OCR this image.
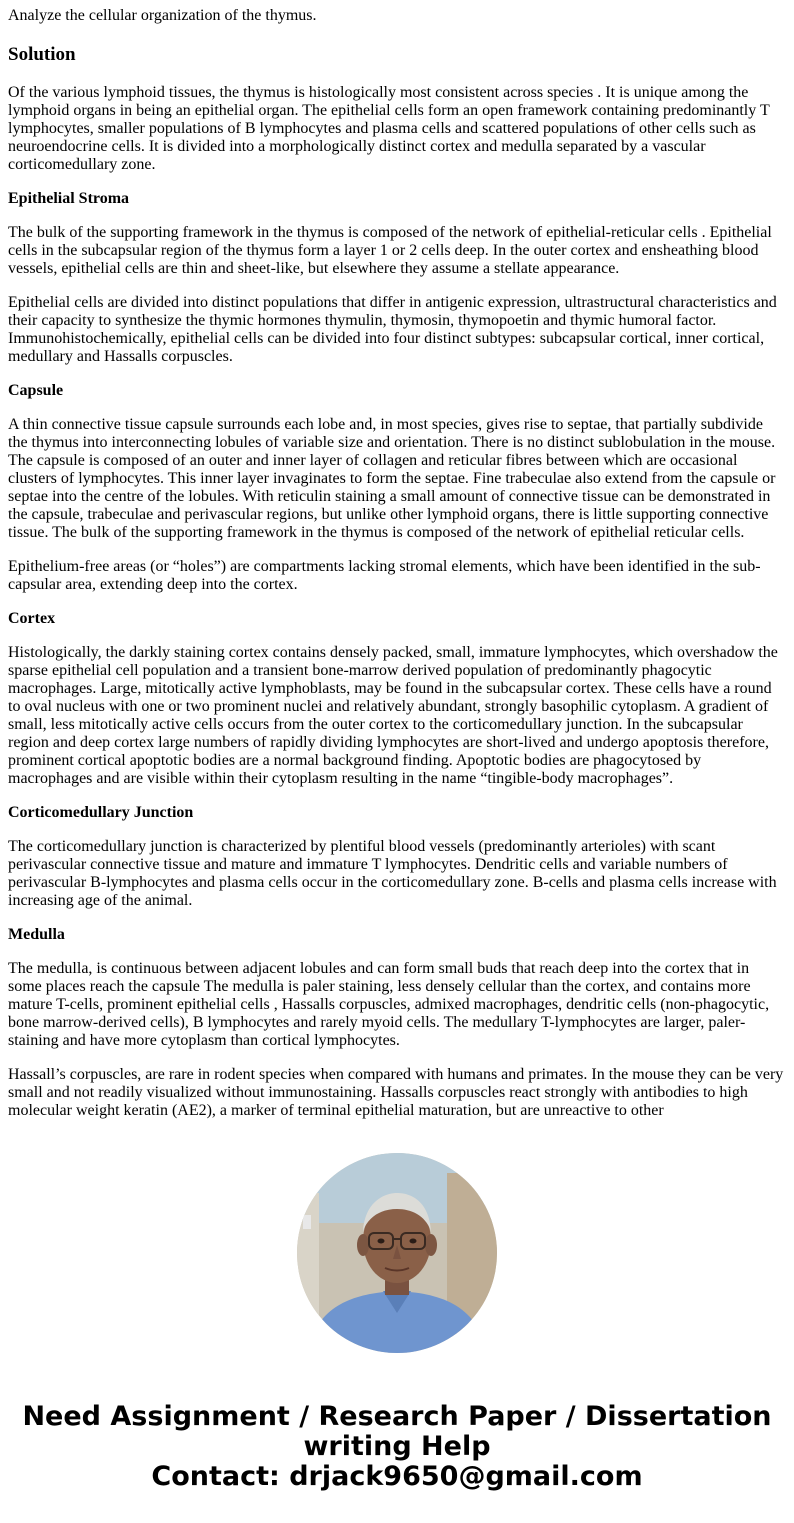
Analyze the cellular organization of the thymus.
Solution

Of the various lymphoid tissues, the thymus is histologically most consistent across species . It is unique among the lymphoid organs in being an epithelial organ. The epithelial cells form an open framework containing predominantly T lymphocytes, smaller populations of B lymphocytes and plasma cells and scattered populations of other cells such as neuroendocrine cells. It is divided into a morphologically distinct cortex and medulla separated by a vascular corticomedullary zone.

Epithelial Stroma

The bulk of the supporting framework in the thymus is composed of the network of epithelial-reticular cells . Epithelial cells in the subcapsular region of the thymus form a layer 1 or 2 cells deep. In the outer cortex and ensheathing blood vessels, epithelial cells are thin and sheet-like, but elsewhere they assume a stellate appearance.

Epithelial cells are divided into distinct populations that differ in antigenic expression, ultrastructural characteristics and their capacity to synthesize the thymic hormones thymulin, thymosin, thymopoetin and thymic humoral factor. Immunohistochemically, epithelial cells can be divided into four distinct subtypes: subcapsular cortical, inner cortical, medullary and Hassalls corpuscles.

Capsule

A thin connective tissue capsule surrounds each lobe and, in most species, gives rise to septae, that partially subdivide the thymus into interconnecting lobules of variable size and orientation. There is no distinct sublobulation in the mouse. The capsule is composed of an outer and inner layer of collagen and reticular fibres between which are occasional clusters of lymphocytes. This inner layer invaginates to form the septae. Fine trabeculae also extend from the capsule or septae into the centre of the lobules. With reticulin staining a small amount of connective tissue can be demonstrated in the capsule, trabeculae and perivascular regions, but unlike other lymphoid organs, there is little supporting connective tissue. The bulk of the supporting framework in the thymus is composed of the network of epithelial reticular cells.

Epithelium-free areas (or “holes”) are compartments lacking stromal elements, which have been identified in the sub-capsular area, extending deep into the cortex.

Cortex

Histologically, the darkly staining cortex contains densely packed, small, immature lymphocytes, which overshadow the sparse epithelial cell population and a transient bone-marrow derived population of predominantly phagocytic macrophages. Large, mitotically active lymphoblasts, may be found in the subcapsular cortex. These cells have a round to oval nucleus with one or two prominent nuclei and relatively abundant, strongly basophilic cytoplasm. A gradient of small, less mitotically active cells occurs from the outer cortex to the corticomedullary junction. In the subcapsular region and deep cortex large numbers of rapidly dividing lymphocytes are short-lived and undergo apoptosis therefore, prominent cortical apoptotic bodies are a normal background finding. Apoptotic bodies are phagocytosed by macrophages and are visible within their cytoplasm resulting in the name “tingible-body macrophages”.

Corticomedullary Junction

The corticomedullary junction is characterized by plentiful blood vessels (predominantly arterioles) with scant perivascular connective tissue and mature and immature T lymphocytes. Dendritic cells and variable numbers of perivascular B-lymphocytes and plasma cells occur in the corticomedullary zone. B-cells and plasma cells increase with increasing age of the animal.

Medulla

The medulla, is continuous between adjacent lobules and can form small buds that reach deep into the cortex that in some places reach the capsule The medulla is paler staining, less densely cellular than the cortex, and contains more mature T-cells, prominent epithelial cells , Hassalls corpuscles, admixed macrophages, dendritic cells (non-phagocytic, bone marrow-derived cells), B lymphocytes and rarely myoid cells. The medullary T-lymphocytes are larger, paler-staining and have more cytoplasm than cortical lymphocytes.

Hassall’s corpuscles, are rare in rodent species when compared with humans and primates. In the mouse they can be very small and not readily visualized without immunostaining. Hassalls corpuscles react strongly with antibodies to high molecular weight keratin (AE2), a marker of terminal epithelial maturation, but are unreactive to other

Need Assignment / Research Paper / Dissertation
writing Help
Contact: drjack9650@gmail.com
